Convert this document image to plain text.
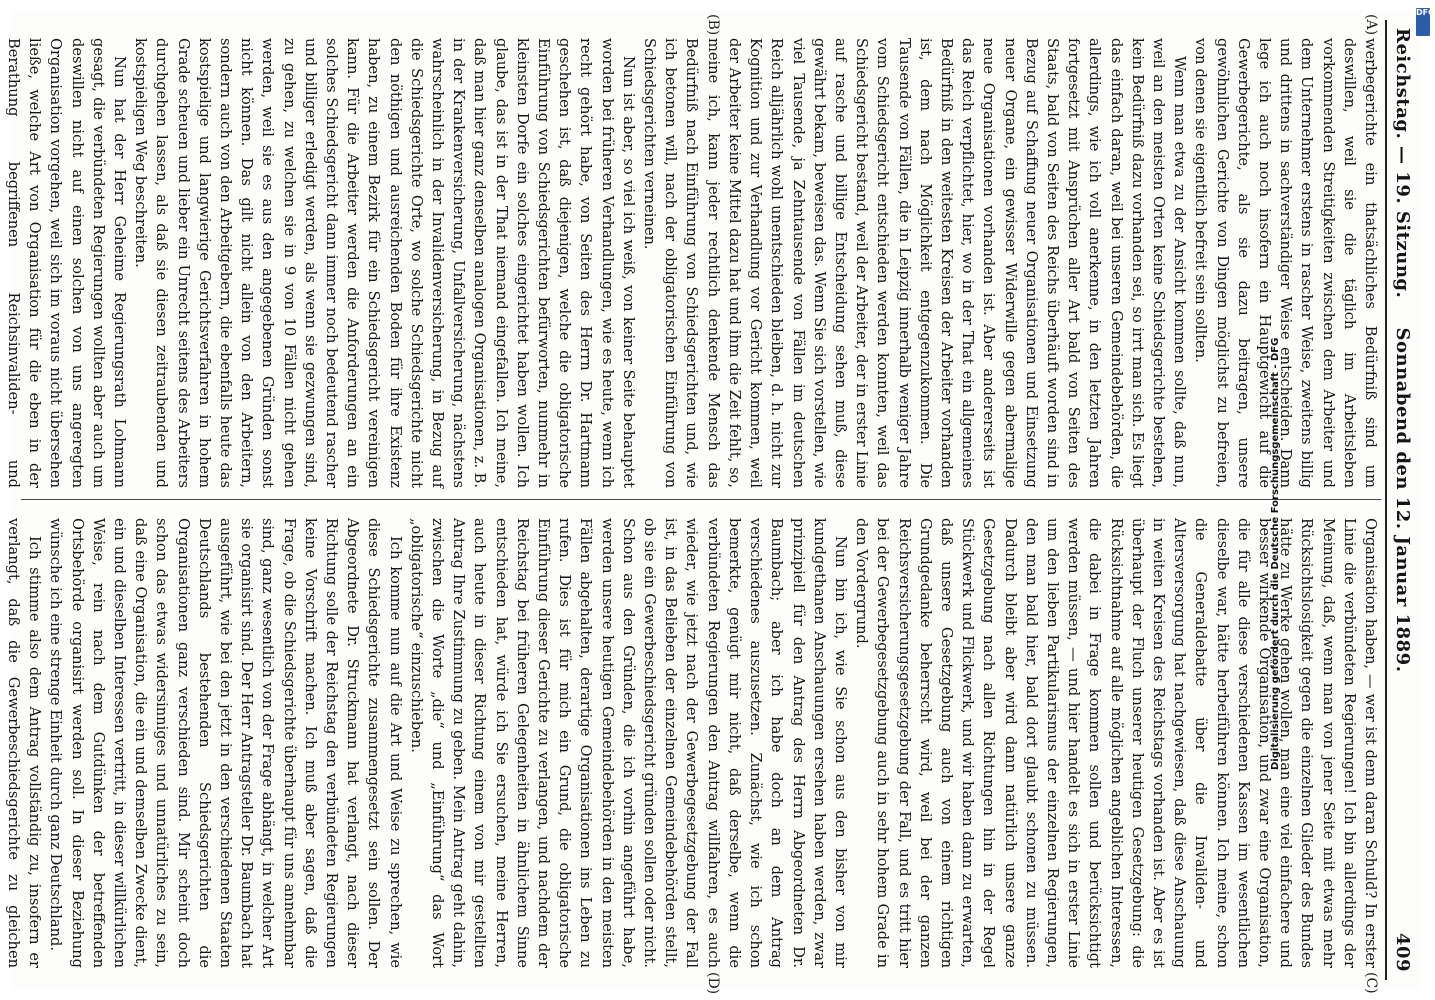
Reichstag. — 19. Sitzung.
Sonnabend den 12. Januar 1889.
409
(A)
(B)
(C)
(D)

werbegerichte ein thatsächliches Bedürfniß sind um deswillen, weil sie die täglich im Arbeitsleben vorkommenden Streitigkeiten zwischen dem Arbeiter und dem Unternehmer erstens in rascher Weise, zweitens billig und drittens in sachverständiger Weise entscheiden. Dann lege ich auch noch insofern ein Hauptgewicht auf die Gewerbegerichte, als sie dazu beitragen, unsere gewöhnlichen Gerichte von Dingen möglichst zu befreien, von denen sie eigentlich befreit sein sollten.

Wenn man etwa zu der Ansicht kommen sollte, daß nun, weil an den meisten Orten keine Schiedsgerichte bestehen, kein Bedürfniß dazu vorhanden sei, so irrt man sich. Es liegt das einfach daran, weil bei unseren Gemeindebehörden, die allerdings, wie ich voll anerkenne, in den letzten Jahren fortgesetzt mit Ansprüchen aller Art bald von Seiten des Staats, bald von Seiten des Reichs überhäuft worden sind in Bezug auf Schaffung neuer Organisationen und Einsetzung neuer Organe, ein gewisser Widerwille gegen abermalige neue Organisationen vorhanden ist. Aber andererseits ist das Reich verpflichtet, hier, wo in der That ein allgemeines Bedürfniß in den weitesten Kreisen der Arbeiter vorhanden ist, dem nach Möglichkeit entgegenzukommen. Die Tausende von Fällen, die in Leipzig innerhalb weniger Jahre vom Schiedsgericht entschieden werden konnten, weil das Schiedsgericht bestand, weil der Arbeiter, der in erster Linie auf rasche und billige Entscheidung sehen muß, diese gewährt bekam, beweisen das. Wenn Sie sich vorstellen, wie viel Tausende, ja Zehntausende von Fällen im deutschen Reich alljährlich wohl unentschieden bleiben, d. h. nicht zur Kognition und zur Verhandlung vor Gericht kommen, weil der Arbeiter keine Mittel dazu hat und ihm die Zeit fehlt, so, meine ich, kann jeder rechtlich denkende Mensch das Bedürfniß nach Einführung von Schiedsgerichten und, wie ich betonen will, nach der obligatorischen Einführung von Schiedsgerichten verneinen.

Nun ist aber, so viel ich weiß, von keiner Seite behauptet worden bei früheren Verhandlungen, wie es heute, wenn ich recht gehört habe, von Seiten des Herrn Dr. Hartmann geschehen ist, daß diejenigen, welche die obligatorische Einführung von Schiedsgerichten befürworten, nunmehr in kleinsten Dorfe ein solches eingerichtet haben wollen. Ich glaube, das ist in der That niemand eingefallen. Ich meine, daß man hier ganz denselben analogen Organisationen, z. B. in der Krankenversicherung, Unfallversicherung, nächstens wahrscheinlich in der Invalidenversicherung, in Bezug auf die Schiedsgerichte Orte, wo solche Schiedsgerichte nicht den nöthigen und ausreichenden Boden für ihre Existenz haben, zu einem Bezirk für ein Schiedsgericht vereinigen kann. Für die Arbeiter werden die Anforderungen an ein solches Schiedsgericht dann immer noch bedeutend rascher und billiger erledigt werden, als wenn sie gezwungen sind, zu gehen, zu welchen sie in 9 von 10 Fällen nicht gehen werden, weil sie es aus den angegebenen Gründen sonst nicht können. Das gilt nicht allein von den Arbeitern, sondern auch von den Arbeitgebern, die ebenfalls heute das kostspielige und langwierige Gerichtsverfahren in hohem Grade scheuen und lieber ein Unrecht seitens des Arbeiters durchgehen lassen, als daß sie diesen zeitraubenden und kostspieligen Weg beschreiten.

Nun hat der Herr Geheime Regierungsrath Lohmann gesagt, die verbündeten Regierungen wollten aber auch um deswillen nicht auf einen solchen von uns angeregten Organisation vorgehen, weil sich im voraus nicht übersehen ließe, welche Art von Organisation für die eben in der Berathung begriffenen Reichsinvaliden- und

Organisation haben, — wer ist denn daran Schuld? In erster Linie die verbündeten Regierungen! Ich bin allerdings der Meinung, daß, wenn man von jener Seite mit etwas mehr Rücksichtslosigkeit gegen die einzelnen Glieder des Bundes hätte zu Werke gehen wollen, man eine viel einfachere und besser wirkende Organisation, und zwar eine Organisation, die für alle diese verschiedenen Kassen im wesentlichen dieselbe war, hätte herbeiführen können. Ich meine, schon die Generaldebatte über die Invaliden- und Altersversorgung hat nachgewiesen, daß diese Anschauung in weiten Kreisen des Reichstags vorhanden ist. Aber es ist überhaupt der Fluch unserer heutigen Gesetzgebung: die Rücksichtnahme auf alle möglichen angeblichen Interessen, die dabei in Frage kommen sollen und berücksichtigt werden müssen, — und hier handelt es sich in erster Linie um den lieben Partikularismus der einzelnen Regierungen, den man bald hier, bald dort glaubt schonen zu müssen. Dadurch bleibt aber wird dann natürlich unsere ganze Gesetzgebung nach allen Richtungen hin in der Regel Stückwerk und Flickwerk, und wir haben dann zu erwarten, daß unsere Gesetzgebung auch von einem richtigen Grundgedanke beherrscht wird, weil bei der ganzen Reichsversicherungsgesetzgebung der Fall, und es tritt hier bei der Gewerbegesetzgebung auch in sehr hohem Grade in den Vordergrund.

Nun bin ich, wie Sie schon aus den bisher von mir kundgethanen Anschauungen ersehen haben werden, zwar prinzipiell für den Antrag des Herrn Abgeordneten Dr. Baumbach; aber ich habe doch an dem Antrag verschiedenes auszusetzen. Zunächst, wie ich schon bemerkte, genügt mir nicht, daß derselbe, wenn die verbündeten Regierungen den Antrag willfahren, es auch wieder, wie jetzt nach der Gewerbegesetzgebung der Fall ist, in das Belieben der einzelnen Gemeindebehörden stellt, ob sie ein Gewerbeschiedsgericht gründen sollen oder nicht. Schon aus den Gründen, die ich vorhin angeführt habe, werden unsere heutigen Gemeindebehörden in den meisten Fällen abgehalten, derartige Organisationen ins Leben zu rufen. Dies ist für mich ein Grund, die obligatorische Einführung dieser Gerichte zu verlangen, und nachdem der Reichstag bei früheren Gelegenheiten in ähnlichem Sinne entschieden hat, würde ich Sie ersuchen, meine Herren, auch heute in dieser Richtung einem von mir gestellten Antrag Ihre Zustimmung zu geben. Mein Antrag geht dahin, zwischen die Worte „die“ und „Einführung“ das Wort „obligatorische“ einzuschieben.

Ich komme nun auf die Art und Weise zu sprechen, wie diese Schiedsgerichte zusammengesetzt sein sollen. Der Abgeordnete Dr. Struckmann hat verlangt, nach dieser Richtung solle der Reichstag den verbündeten Regierungen keine Vorschrift machen. Ich muß aber sagen, daß die Frage, ob die Schiedsgerichte überhaupt für uns annehmbar sind, ganz wesentlich von der Frage abhängt, in welcher Art sie organisirt sind. Der Herr Antragsteller Dr. Baumbach hat ausgeführt, wie bei den jetzt in den verschiedenen Staaten Deutschlands bestehenden Schiedsgerichten die Organisationen ganz verschieden sind. Mir scheint doch schon das etwas widersinniges und unnatürliches zu sein, daß eine Organisation, die ein und demselben Zwecke dient, ein und dieselben Interessen vertritt, in dieser willkürlichen Weise, rein nach dem Gutdünken der betreffenden Ortsbehörde organisirt werden soll. In dieser Beziehung wünsche ich eine strenge Einheit durch ganz Deutschland.

Ich stimme also dem Antrag vollständig zu, insofern er verlangt, daß die Gewerbeschiedsgerichte zu gleichen

Digitalisierung gefördert durch die Deutsche Forschungsgemeinschaft - DFG
DFG
